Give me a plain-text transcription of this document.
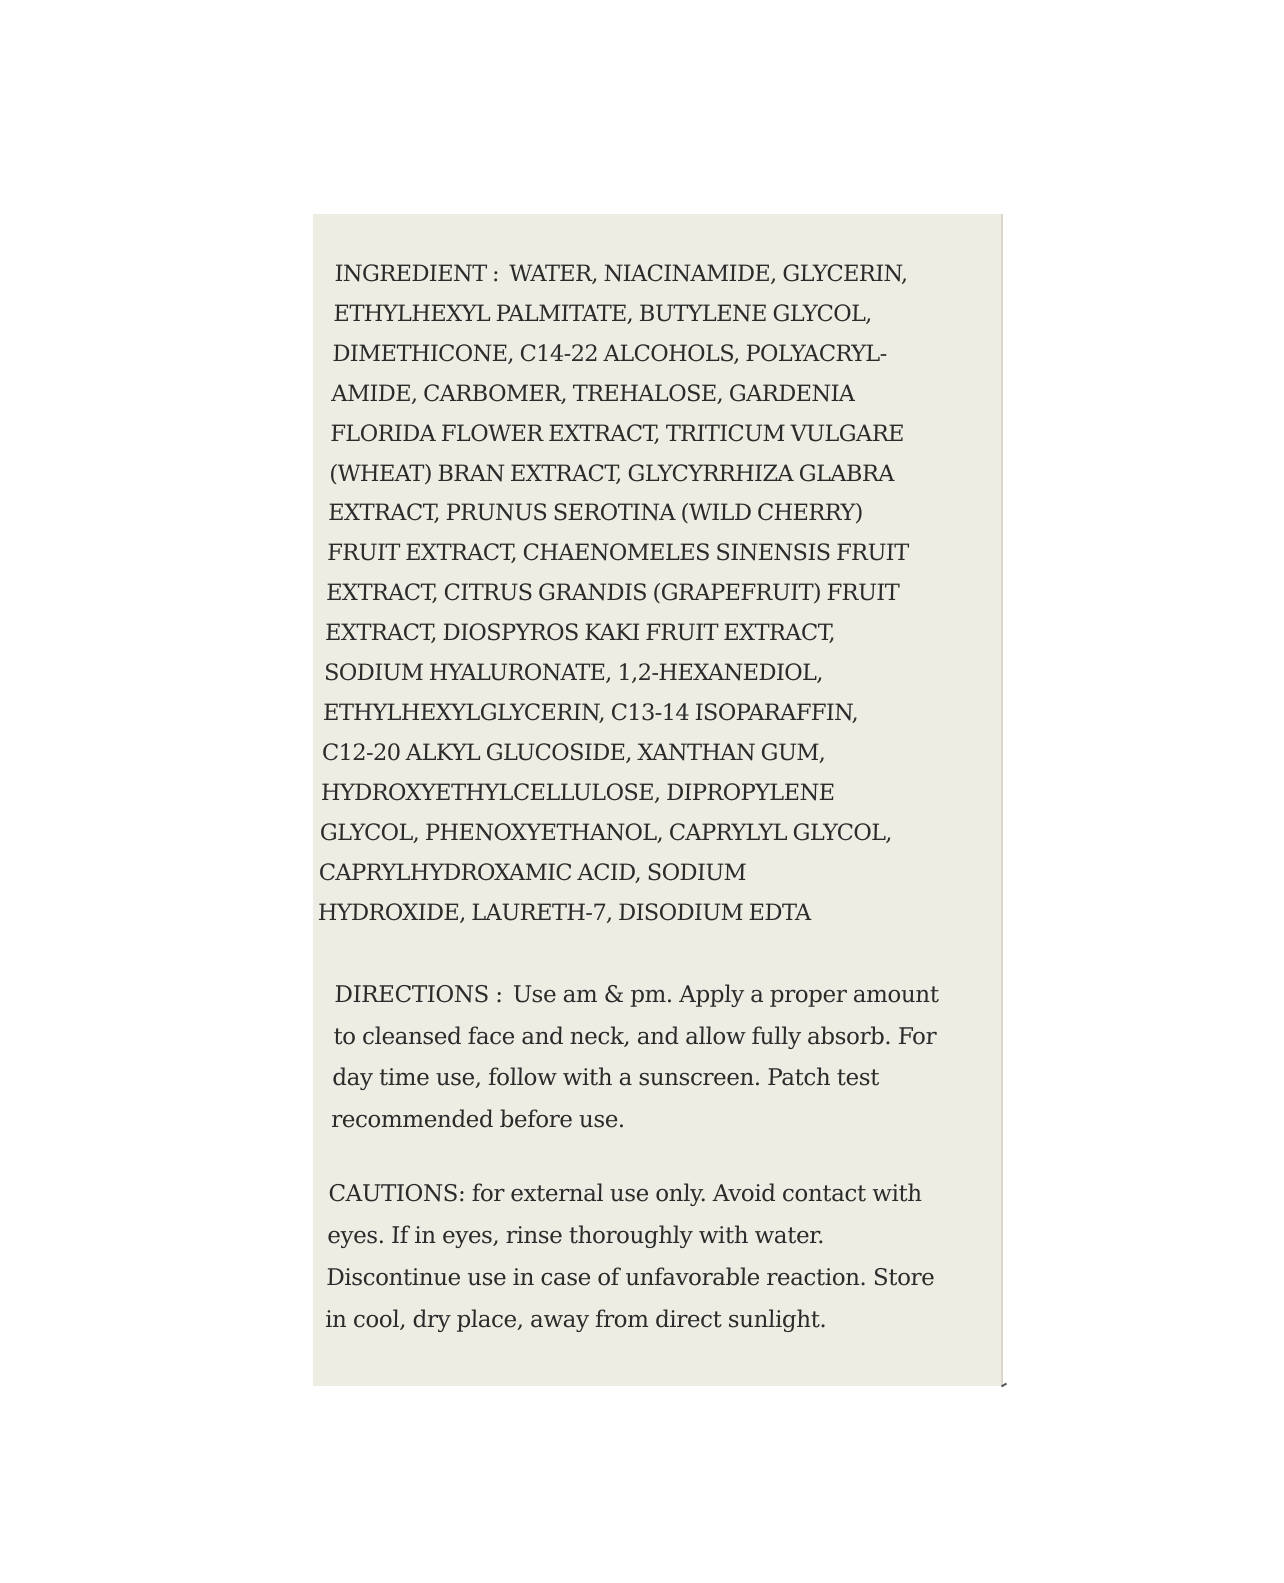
INGREDIENT : WATER, NIACINAMIDE, GLYCERIN,
ETHYLHEXYL PALMITATE, BUTYLENE GLYCOL,
DIMETHICONE, C14-22 ALCOHOLS, POLYACRYL-
AMIDE, CARBOMER, TREHALOSE, GARDENIA
FLORIDA FLOWER EXTRACT, TRITICUM VULGARE
(WHEAT) BRAN EXTRACT, GLYCYRRHIZA GLABRA
EXTRACT, PRUNUS SEROTINA (WILD CHERRY)
FRUIT EXTRACT, CHAENOMELES SINENSIS FRUIT
EXTRACT, CITRUS GRANDIS (GRAPEFRUIT) FRUIT
EXTRACT, DIOSPYROS KAKI FRUIT EXTRACT,
SODIUM HYALURONATE, 1,2-HEXANEDIOL,
ETHYLHEXYLGLYCERIN, C13-14 ISOPARAFFIN,
C12-20 ALKYL GLUCOSIDE, XANTHAN GUM,
HYDROXYETHYLCELLULOSE, DIPROPYLENE
GLYCOL, PHENOXYETHANOL, CAPRYLYL GLYCOL,
CAPRYLHYDROXAMIC ACID, SODIUM
HYDROXIDE, LAURETH-7, DISODIUM EDTA
DIRECTIONS : Use am & pm. Apply a proper amount
to cleansed face and neck, and allow fully absorb. For
day time use, follow with a sunscreen. Patch test
recommended before use.
CAUTIONS: for external use only. Avoid contact with
eyes. If in eyes, rinse thoroughly with water.
Discontinue use in case of unfavorable reaction. Store
in cool, dry place, away from direct sunlight.
